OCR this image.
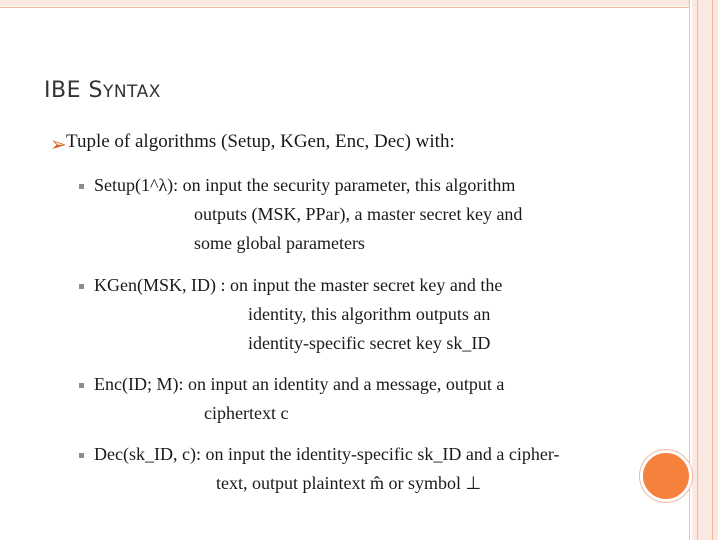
IBE SYNTAX
➢ Tuple of algorithms (Setup, KGen, Enc, Dec) with:
Setup(1^λ): on input the security parameter, this algorithm
outputs (MSK, PPar), a master secret key and
some global parameters
KGen(MSK, ID) : on input the master secret key and the
identity, this algorithm outputs an
identity-specific secret key sk_ID
Enc(ID; M): on input an identity and a message, output a
ciphertext c
Dec(sk_ID, c): on input the identity-specific sk_ID and a cipher-
text, output plaintext m̂ or symbol ⊥
